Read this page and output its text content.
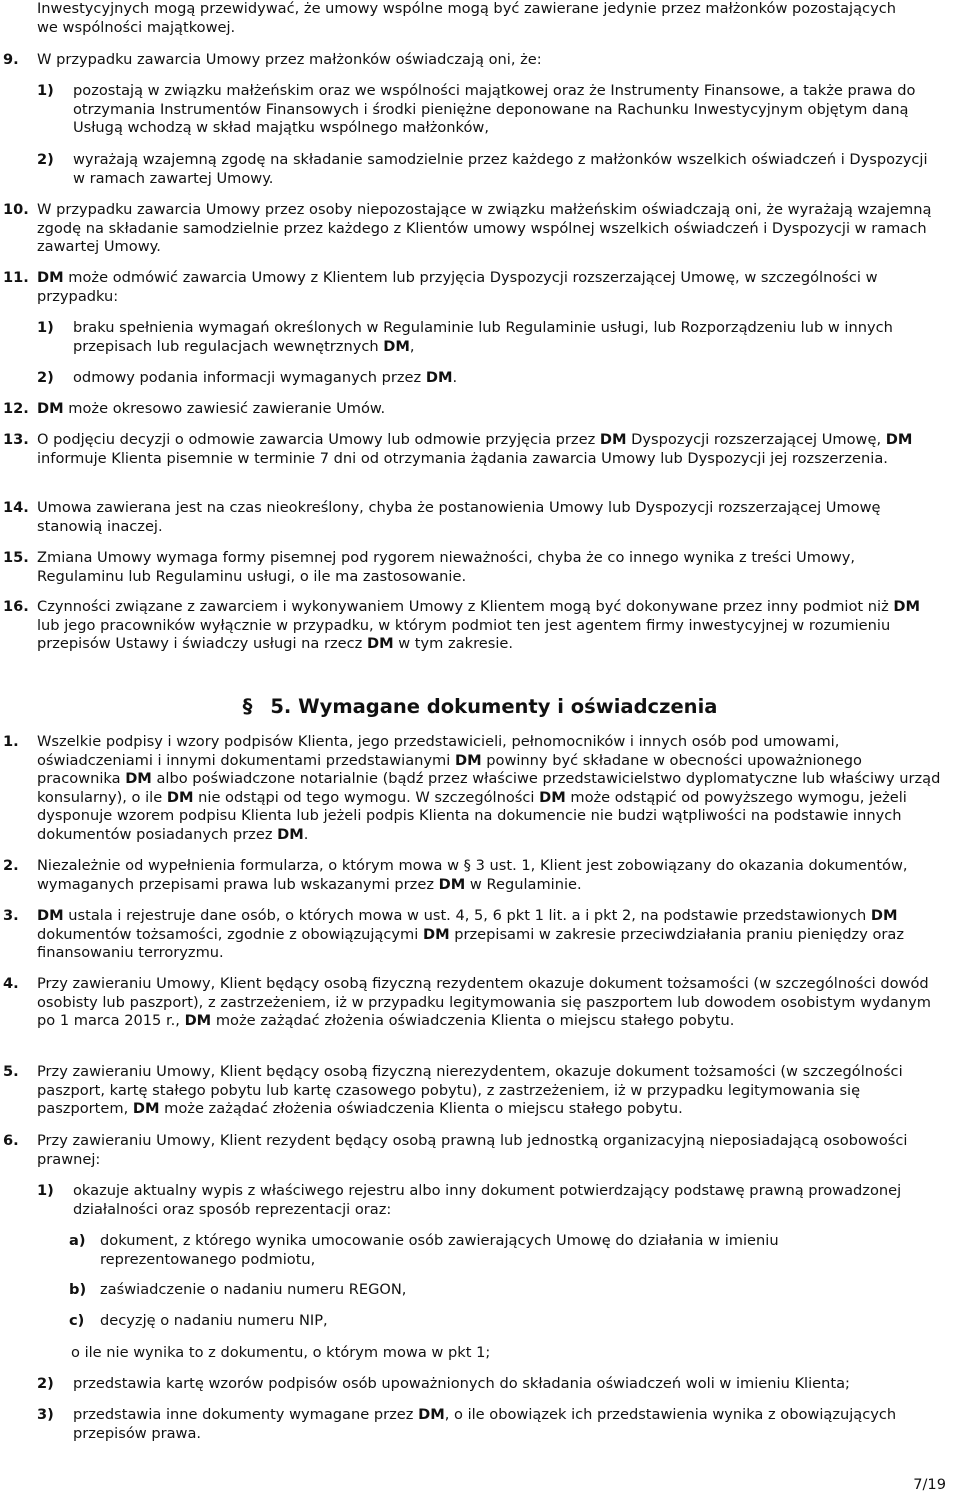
Inwestycyjnych mogą przewidywać, że umowy wspólne mogą być zawierane jedynie przez małżonków pozostających we wspólności majątkowej.

9. W przypadku zawarcia Umowy przez małżonków oświadczają oni, że:

1) pozostają w związku małżeńskim oraz we wspólności majątkowej oraz że Instrumenty Finansowe, a także prawa do otrzymania Instrumentów Finansowych i środki pieniężne deponowane na Rachunku Inwestycyjnym objętym daną Usługą wchodzą w skład majątku wspólnego małżonków,

2) wyrażają wzajemną zgodę na składanie samodzielnie przez każdego z małżonków wszelkich oświadczeń i Dyspozycji w ramach zawartej Umowy.

10. W przypadku zawarcia Umowy przez osoby niepozostające w związku małżeńskim oświadczają oni, że wyrażają wzajemną zgodę na składanie samodzielnie przez każdego z Klientów umowy wspólnej wszelkich oświadczeń i Dyspozycji w ramach zawartej Umowy.

11. DM może odmówić zawarcia Umowy z Klientem lub przyjęcia Dyspozycji rozszerzającej Umowę, w szczególności w przypadku:

1) braku spełnienia wymagań określonych w Regulaminie lub Regulaminie usługi, lub Rozporządzeniu lub w innych przepisach lub regulacjach wewnętrznych DM,

2) odmowy podania informacji wymaganych przez DM.

12. DM może okresowo zawiesić zawieranie Umów.

13. O podjęciu decyzji o odmowie zawarcia Umowy lub odmowie przyjęcia przez DM Dyspozycji rozszerzającej Umowę, DM informuje Klienta pisemnie w terminie 7 dni od otrzymania żądania zawarcia Umowy lub Dyspozycji jej rozszerzenia.

14. Umowa zawierana jest na czas nieokreślony, chyba że postanowienia Umowy lub Dyspozycji rozszerzającej Umowę stanowią inaczej.

15. Zmiana Umowy wymaga formy pisemnej pod rygorem nieważności, chyba że co innego wynika z treści Umowy, Regulaminu lub Regulaminu usługi, o ile ma zastosowanie.

16. Czynności związane z zawarciem i wykonywaniem Umowy z Klientem mogą być dokonywane przez inny podmiot niż DM lub jego pracowników wyłącznie w przypadku, w którym podmiot ten jest agentem firmy inwestycyjnej w rozumieniu przepisów Ustawy i świadczy usługi na rzecz DM w tym zakresie.

§ 5. Wymagane dokumenty i oświadczenia
1. Wszelkie podpisy i wzory podpisów Klienta, jego przedstawicieli, pełnomocników i innych osób pod umowami, oświadczeniami i innymi dokumentami przedstawianymi DM powinny być składane w obecności upoważnionego pracownika DM albo poświadczone notarialnie (bądź przez właściwe przedstawicielstwo dyplomatyczne lub właściwy urząd konsularny), o ile DM nie odstąpi od tego wymogu. W szczególności DM może odstąpić od powyższego wymogu, jeżeli dysponuje wzorem podpisu Klienta lub jeżeli podpis Klienta na dokumencie nie budzi wątpliwości na podstawie innych dokumentów posiadanych przez DM.

2. Niezależnie od wypełnienia formularza, o którym mowa w § 3 ust. 1, Klient jest zobowiązany do okazania dokumentów, wymaganych przepisami prawa lub wskazanymi przez DM w Regulaminie.

3. DM ustala i rejestruje dane osób, o których mowa w ust. 4, 5, 6 pkt 1 lit. a i pkt 2, na podstawie przedstawionych DM dokumentów tożsamości, zgodnie z obowiązującymi DM przepisami w zakresie przeciwdziałania praniu pieniędzy oraz finansowaniu terroryzmu.

4. Przy zawieraniu Umowy, Klient będący osobą fizyczną rezydentem okazuje dokument tożsamości (w szczególności dowód osobisty lub paszport), z zastrzeżeniem, iż w przypadku legitymowania się paszportem lub dowodem osobistym wydanym po 1 marca 2015 r., DM może zażądać złożenia oświadczenia Klienta o miejscu stałego pobytu.

5. Przy zawieraniu Umowy, Klient będący osobą fizyczną nierezydentem, okazuje dokument tożsamości (w szczególności paszport, kartę stałego pobytu lub kartę czasowego pobytu), z zastrzeżeniem, iż w przypadku legitymowania się paszportem, DM może zażądać złożenia oświadczenia Klienta o miejscu stałego pobytu.

6. Przy zawieraniu Umowy, Klient rezydent będący osobą prawną lub jednostką organizacyjną nieposiadającą osobowości prawnej:

1) okazuje aktualny wypis z właściwego rejestru albo inny dokument potwierdzający podstawę prawną prowadzonej działalności oraz sposób reprezentacji oraz:

a) dokument, z którego wynika umocowanie osób zawierających Umowę do działania w imieniu reprezentowanego podmiotu,

b) zaświadczenie o nadaniu numeru REGON,

c) decyzję o nadaniu numeru NIP,

o ile nie wynika to z dokumentu, o którym mowa w pkt 1;

2) przedstawia kartę wzorów podpisów osób upoważnionych do składania oświadczeń woli w imieniu Klienta;

3) przedstawia inne dokumenty wymagane przez DM, o ile obowiązek ich przedstawienia wynika z obowiązujących przepisów prawa.

7/19
